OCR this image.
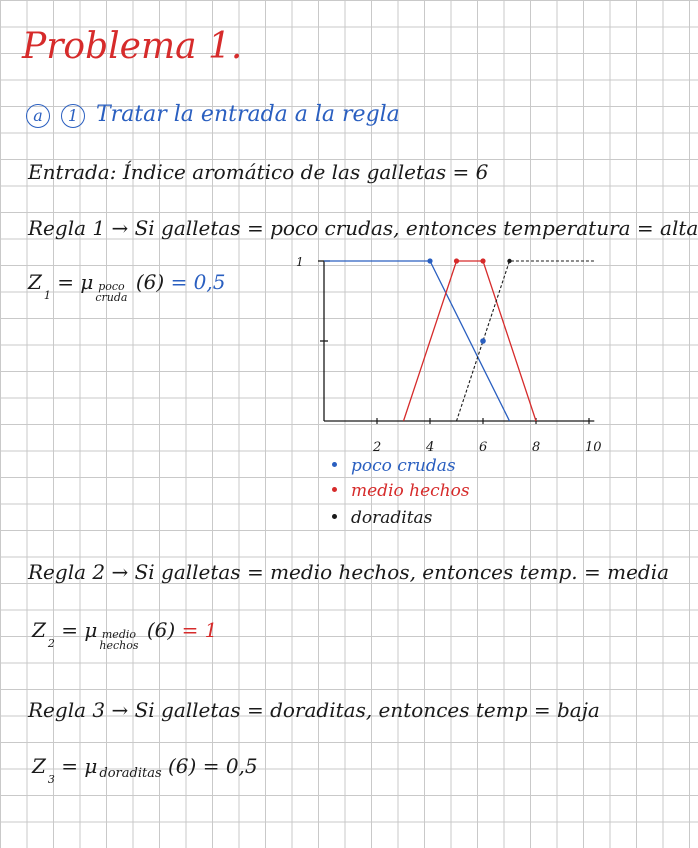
Problema 1.
a 1 Tratar la entrada a la regla
Entrada: Índice aromático de las galletas = 6
Regla 1 → Si galletas = poco crudas, entonces temperatura = alta
Z1 = μ poco
cruda (6) = 0,5
1
2	4	6	8	10
poco crudas
medio hechos
doraditas
Regla 2 → Si galletas = medio hechos, entonces temp. = media
Z2 = μ medio
hechos (6) = 1
Regla 3 → Si galletas = doraditas, entonces temp = baja
Z3 = μ doraditas (6) = 0,5
